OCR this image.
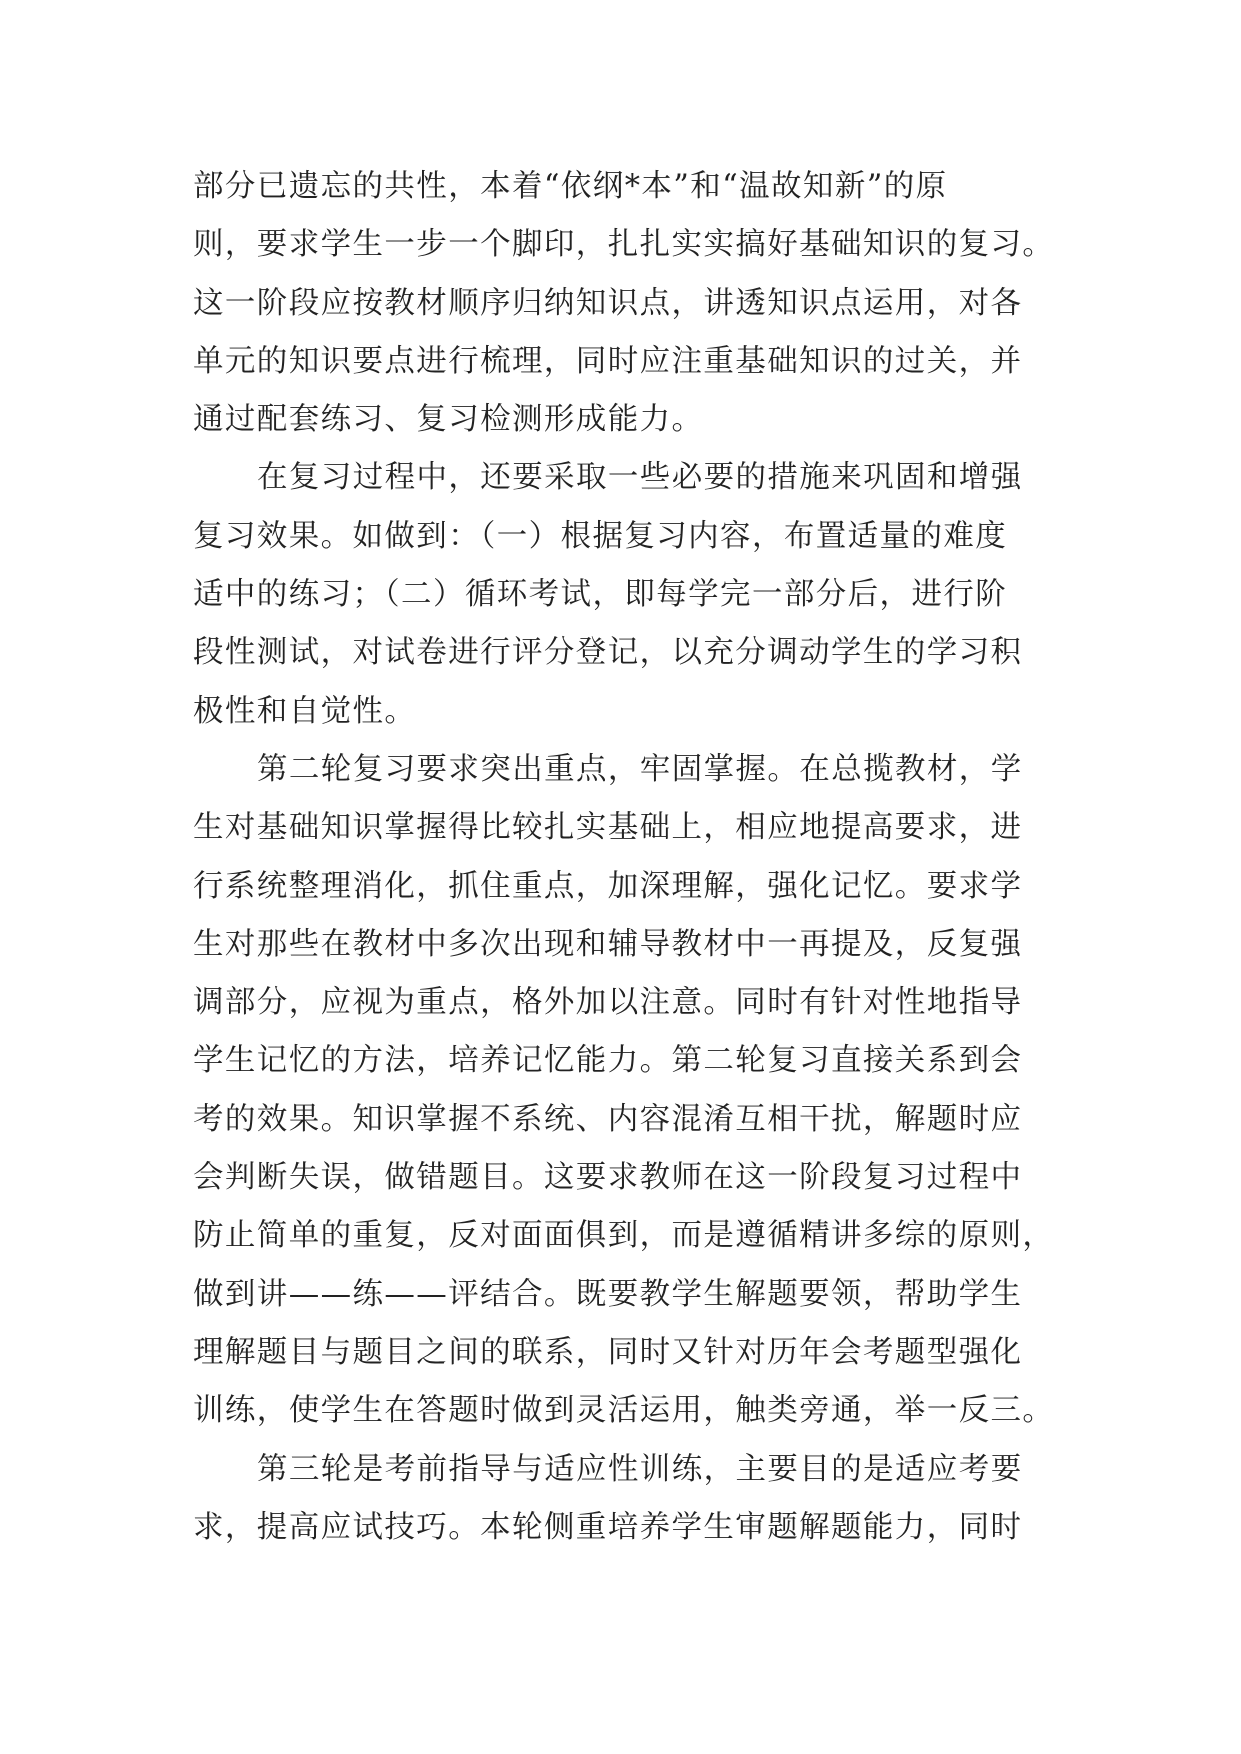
部分已遗忘的共性，本着“依纲*本”和“温故知新”的原
则，要求学生一步一个脚印，扎扎实实搞好基础知识的复习。
这一阶段应按教材顺序归纳知识点，讲透知识点运用，对各
单元的知识要点进行梳理，同时应注重基础知识的过关，并
通过配套练习、复习检测形成能力。
在复习过程中，还要采取一些必要的措施来巩固和增强
复习效果。如做到：（一）根据复习内容，布置适量的难度
适中的练习；（二）循环考试，即每学完一部分后，进行阶
段性测试，对试卷进行评分登记，以充分调动学生的学习积
极性和自觉性。
第二轮复习要求突出重点，牢固掌握。在总揽教材，学
生对基础知识掌握得比较扎实基础上，相应地提高要求，进
行系统整理消化，抓住重点，加深理解，强化记忆。要求学
生对那些在教材中多次出现和辅导教材中一再提及，反复强
调部分，应视为重点，格外加以注意。同时有针对性地指导
学生记忆的方法，培养记忆能力。第二轮复习直接关系到会
考的效果。知识掌握不系统、内容混淆互相干扰，解题时应
会判断失误，做错题目。这要求教师在这一阶段复习过程中
防止简单的重复，反对面面俱到，而是遵循精讲多综的原则，
做到讲——练——评结合。既要教学生解题要领，帮助学生
理解题目与题目之间的联系，同时又针对历年会考题型强化
训练，使学生在答题时做到灵活运用，触类旁通，举一反三。
第三轮是考前指导与适应性训练，主要目的是适应考要
求，提高应试技巧。本轮侧重培养学生审题解题能力，同时
